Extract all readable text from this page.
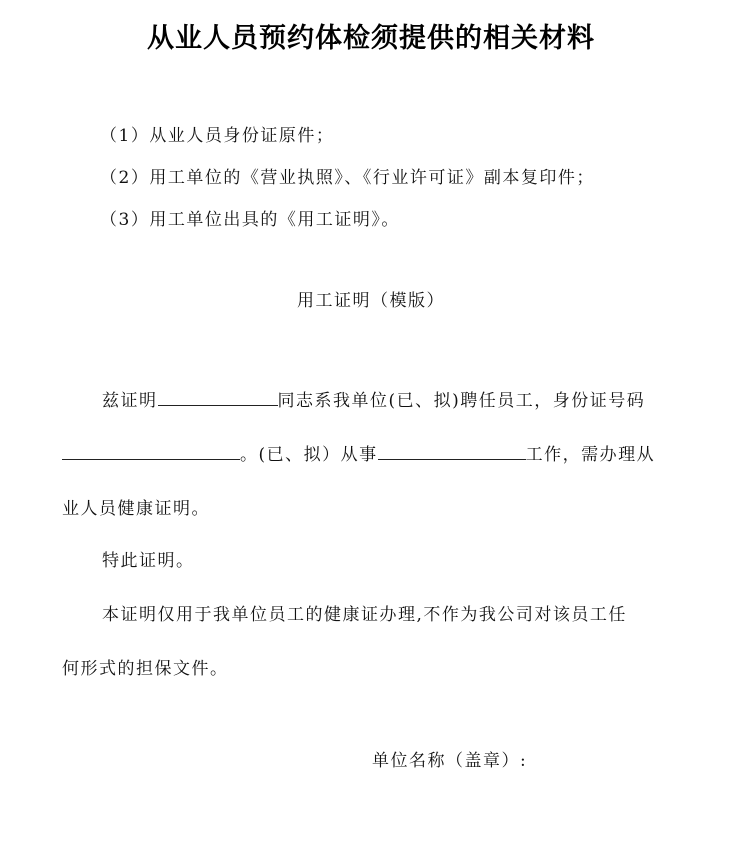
从业人员预约体检须提供的相关材料
（1）从业人员身份证原件；
（2）用工单位的《营业执照》、《行业许可证》副本复印件；
（3）用工单位出具的《用工证明》。
用工证明（模版）
兹证明	同志系我单位(已、拟)聘任员工，身份证号码
。(已、拟）从事	工作，需办理从
业人员健康证明。
特此证明。
本证明仅用于我单位员工的健康证办理,不作为我公司对该员工任
何形式的担保文件。
单位名称（盖章）:
